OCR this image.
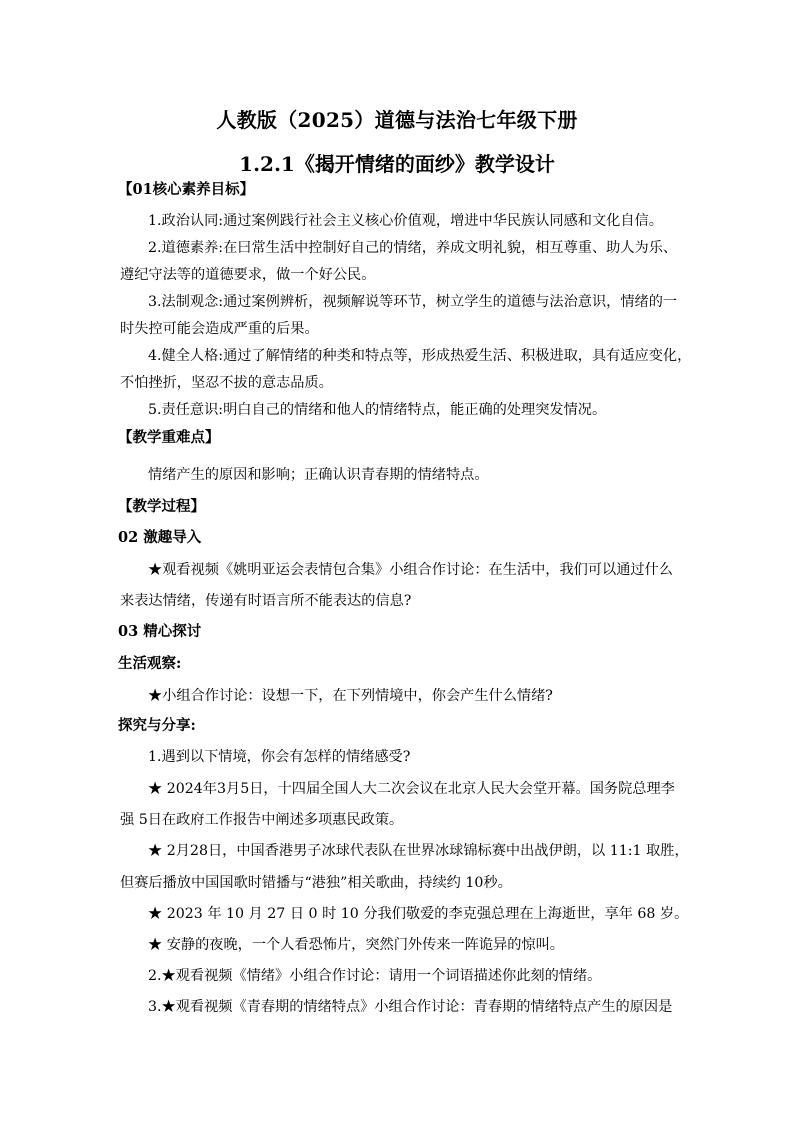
人教版（2025）道德与法治七年级下册
1.2.1《揭开情绪的面纱》教学设计
【01核心素养目标】
1.政治认同:通过案例践行社会主义核心价值观，增进中华民族认同感和文化自信。
2.道德素养:在曰常生活中控制好自己的情绪，养成文明礼貌，相互尊重、助人为乐、
遵纪守法等的道德要求，做一个好公民。
3.法制观念:通过案例辨析，视频解说等环节，树立学生的道德与法治意识，情绪的一
时失控可能会造成严重的后果。
4.健全人格:通过了解情绪的种类和特点等，形成热爱生活、积极进取，具有适应变化，
不怕挫折，坚忍不拔的意志品质。
5.责任意识:明白自己的情绪和他人的情绪特点，能正确的处理突发情况。
【教学重难点】
情绪产生的原因和影响；正确认识青春期的情绪特点。
【教学过程】
02 激趣导入
★观看视频《姚明亚运会表情包合集》小组合作讨论：在生活中，我们可以通过什么
来表达情绪，传递有时语言所不能表达的信息?
03 精心探讨
生活观察:
★小组合作讨论：设想一下，在下列情境中，你会产生什么情绪?
探究与分享:
1.遇到以下情境，你会有怎样的情绪感受?
★ 2024年3月5日，十四届全国人大二次会议在北京人民大会堂开幕。国务院总理李
强 5日在政府工作报告中阐述多项惠民政策。
★ 2月28日，中国香港男子冰球代表队在世界冰球锦标赛中出战伊朗，以 11:1 取胜，
但赛后播放中国国歌时错播与“港独”相关歌曲，持续约 10秒。
★ 2023 年 10 月 27 日 0 时 10 分我们敬爱的李克强总理在上海逝世，享年 68 岁。
★ 安静的夜晚，一个人看恐怖片，突然门外传来一阵诡异的惊叫。
2.★观看视频《情绪》小组合作讨论：请用一个词语描述你此刻的情绪。
3.★观看视频《青春期的情绪特点》小组合作讨论：青春期的情绪特点产生的原因是
